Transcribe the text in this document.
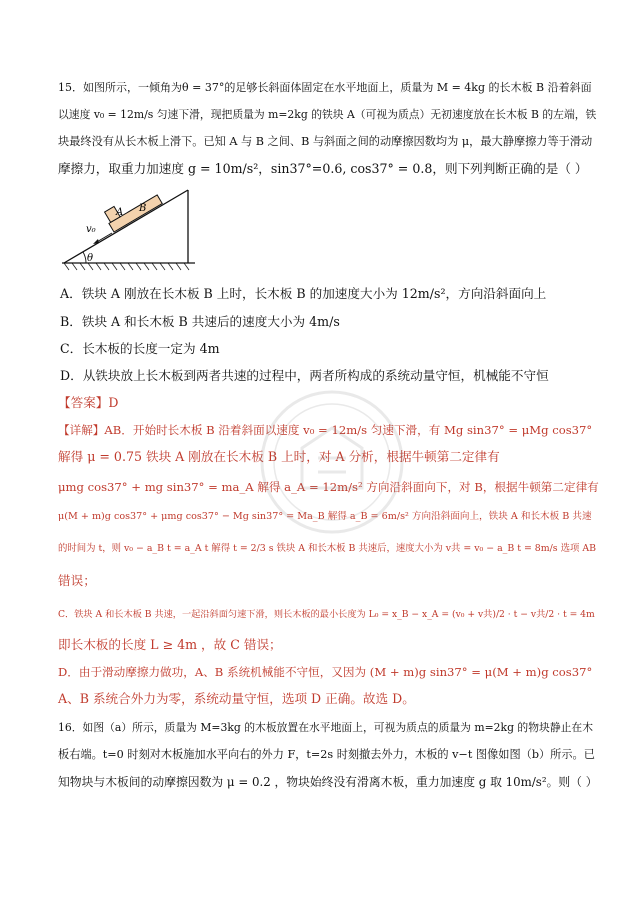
15．如图所示，一倾角为θ = 37°的足够长斜面体固定在水平地面上，质量为 M = 4kg 的长木板 B 沿着斜面
以速度 v₀ = 12m/s 匀速下滑，现把质量为 m=2kg 的铁块 A（可视为质点）无初速度放在长木板 B 的左端，铁
块最终没有从长木板上滑下。已知 A 与 B 之间、B 与斜面之间的动摩擦因数均为 μ，最大静摩擦力等于滑动
摩擦力，取重力加速度 g = 10m/s²，sin37°=0.6, cos37° = 0.8，则下列判断正确的是（ ）
θ
A B
v₀
A．铁块 A 刚放在长木板 B 上时，长木板 B 的加速度大小为 12m/s²，方向沿斜面向上
B．铁块 A 和长木板 B 共速后的速度大小为 4m/s
C．长木板的长度一定为 4m
D．从铁块放上长木板到两者共速的过程中，两者所构成的系统动量守恒，机械能不守恒
【答案】D
【详解】AB．开始时长木板 B 沿着斜面以速度 v₀ = 12m/s 匀速下滑，有 Mg sin37° = μMg cos37°
解得 μ = 0.75 铁块 A 刚放在长木板 B 上时，对 A 分析，根据牛顿第二定律有
μmg cos37° + mg sin37° = ma_A 解得 a_A = 12m/s² 方向沿斜面向下，对 B，根据牛顿第二定律有
μ(M + m)g cos37° + μmg cos37° − Mg sin37° = Ma_B 解得 a_B = 6m/s² 方向沿斜面向上，铁块 A 和长木板 B 共速
的时间为 t，则 v₀ − a_B t = a_A t 解得 t = 2/3 s 铁块 A 和长木板 B 共速后，速度大小为 v共 = v₀ − a_B t = 8m/s 选项 AB
错误；
C．铁块 A 和长木板 B 共速，一起沿斜面匀速下滑，则长木板的最小长度为 L₀ = x_B − x_A = (v₀ + v共)/2 · t − v共/2 · t = 4m
即长木板的长度 L ≥ 4m ，故 C 错误；
D．由于滑动摩擦力做功，A、B 系统机械能不守恒，又因为 (M + m)g sin37° = μ(M + m)g cos37°
A、B 系统合外力为零，系统动量守恒，选项 D 正确。故选 D。
16．如图（a）所示，质量为 M=3kg 的木板放置在水平地面上，可视为质点的质量为 m=2kg 的物块静止在木
板右端。t=0 时刻对木板施加水平向右的外力 F，t=2s 时刻撤去外力，木板的 v−t 图像如图（b）所示。已
知物块与木板间的动摩擦因数为 μ = 0.2 ，物块始终没有滑离木板，重力加速度 g 取 10m/s²。则（ ）
